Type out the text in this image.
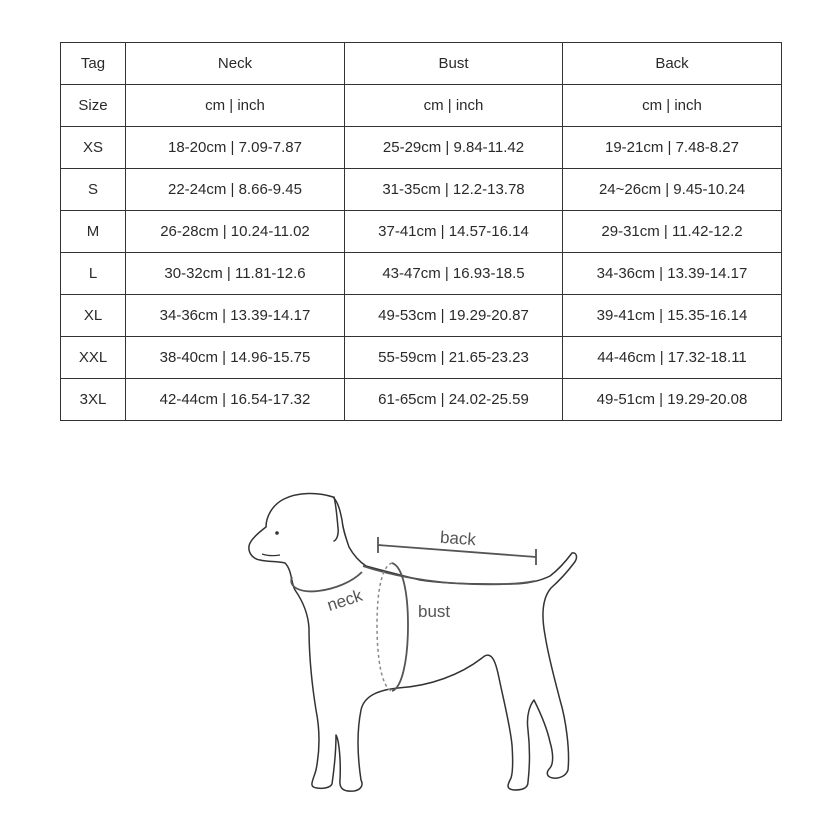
Tag	Neck	Bust	Back
Size	cm | inch	cm | inch	cm | inch
XS	18-20cm | 7.09-7.87	25-29cm | 9.84-11.42	19-21cm | 7.48-8.27
S	22-24cm | 8.66-9.45	31-35cm | 12.2-13.78	24~26cm | 9.45-10.24
M	26-28cm | 10.24-11.02	37-41cm | 14.57-16.14	29-31cm | 11.42-12.2
L	30-32cm | 11.81-12.6	43-47cm | 16.93-18.5	34-36cm | 13.39-14.17
XL	34-36cm | 13.39-14.17	49-53cm | 19.29-20.87	39-41cm | 15.35-16.14
XXL	38-40cm | 14.96-15.75	55-59cm | 21.65-23.23	44-46cm | 17.32-18.11
3XL	42-44cm | 16.54-17.32	61-65cm | 24.02-25.59	49-51cm | 19.29-20.08
back
neck	bust
